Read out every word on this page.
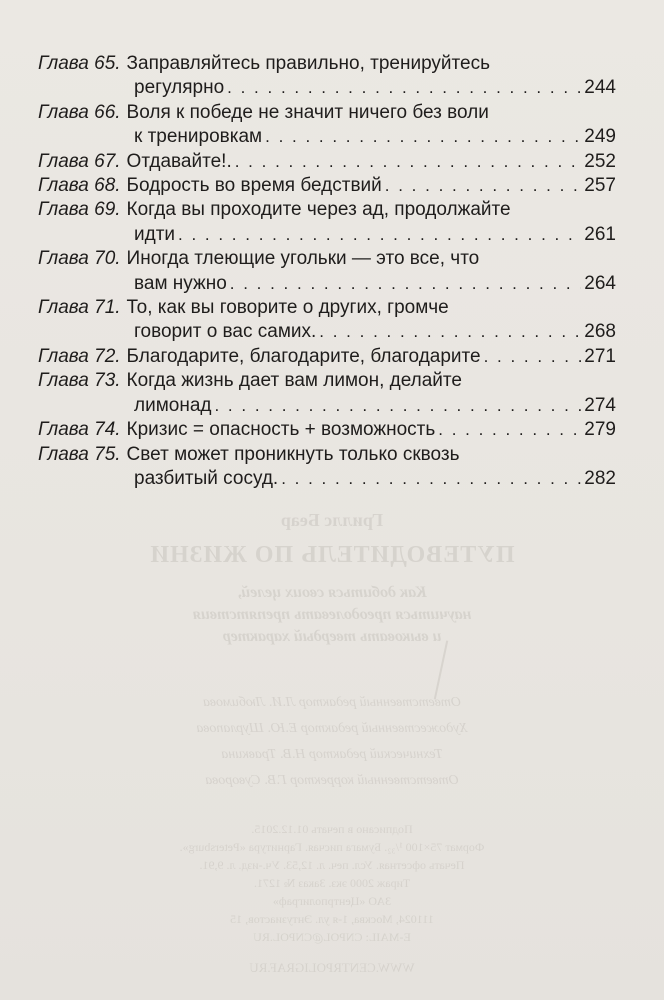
Глава 65. Заправляйтесь правильно, тренируйтесь
регулярно . . .	244
Глава 66. Воля к победе не значит ничего без воли
к тренировкам . . .	249
Глава 67. Отдавайте!. . . .	252
Глава 68. Бодрость во время бедствий . . .	257
Глава 69. Когда вы проходите через ад, продолжайте
идти . . .	261
Глава 70. Иногда тлеющие угольки — это все, что
вам нужно . . .	264
Глава 71. То, как вы говорите о других, громче
говорит о вас самих. . . .	268
Глава 72. Благодарите, благодарите, благодарите . . .	271
Глава 73. Когда жизнь дает вам лимон, делайте
лимонад . . .	274
Глава 74. Кризис = опасность + возможность . . .	279
Глава 75. Свет может проникнуть только сквозь
разбитый сосуд. . . .	282
Гриллс Беар
ПУТЕВОДИТЕЛЬ ПО ЖИЗНИ
Как добиться своих целей,
научиться преодолевать препятствия
и выковать твердый характер
Ответственный редактор Л.И. Любимова
Художественный редактор Е.Ю. Шурлапова
Технический редактор Н.В. Травкина
Ответственный корректор Г.В. Суворова
Подписано в печать 01.12.2015.
Формат 75×100 ¹/₃₂. Бумага писчая. Гарнитура «Petersburg».
Печать офсетная. Усл. печ. л. 12,53. Уч.-изд. л. 9,91.
Тираж 2000 экз. Заказ № 1271.
ЗАО «Центрполиграф»
111024, Москва, 1-я ул. Энтузиастов, 15
E-MAIL: CNPOL@CNPOL.RU
WWW.CENTRPOLIGRAF.RU
